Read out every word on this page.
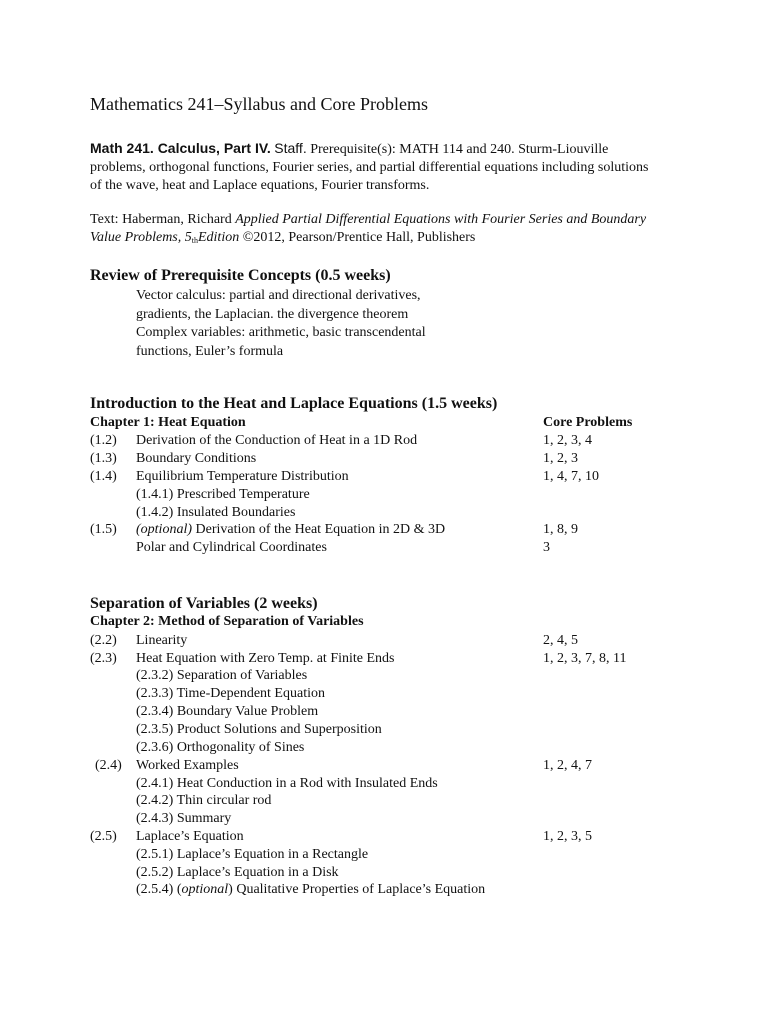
Mathematics 241–Syllabus and Core Problems

Math 241. Calculus, Part IV. Staff. Prerequisite(s): MATH 114 and 240. Sturm-Liouville problems, orthogonal functions, Fourier series, and partial differential equations including solutions of the wave, heat and Laplace equations, Fourier transforms.

Text: Haberman, Richard Applied Partial Differential Equations with Fourier Series and Boundary Value Problems, 5thEdition ©2012, Pearson/Prentice Hall, Publishers

Review of Prerequisite Concepts (0.5 weeks)
Vector calculus: partial and directional derivatives,
gradients, the Laplacian. the divergence theorem
Complex variables: arithmetic, basic transcendental
functions, Euler’s formula
Introduction to the Heat and Laplace Equations (1.5 weeks)
Chapter 1: Heat Equation	Core Problems
(1.2) Derivation of the Conduction of Heat in a 1D Rod	1, 2, 3, 4
(1.3) Boundary Conditions	1, 2, 3
(1.4) Equilibrium Temperature Distribution	1, 4, 7, 10
(1.4.1) Prescribed Temperature
(1.4.2) Insulated Boundaries
(1.5) (optional) Derivation of the Heat Equation in 2D & 3D	1, 8, 9
Polar and Cylindrical Coordinates	3
Separation of Variables (2 weeks)
Chapter 2: Method of Separation of Variables
(2.2) Linearity	2, 4, 5
(2.3) Heat Equation with Zero Temp. at Finite Ends	1, 2, 3, 7, 8, 11
(2.3.2) Separation of Variables
(2.3.3) Time-Dependent Equation
(2.3.4) Boundary Value Problem
(2.3.5) Product Solutions and Superposition
(2.3.6) Orthogonality of Sines
(2.4) Worked Examples	1, 2, 4, 7
(2.4.1) Heat Conduction in a Rod with Insulated Ends
(2.4.2) Thin circular rod
(2.4.3) Summary
(2.5) Laplace’s Equation	1, 2, 3, 5
(2.5.1) Laplace’s Equation in a Rectangle
(2.5.2) Laplace’s Equation in a Disk
(2.5.4) (optional) Qualitative Properties of Laplace’s Equation
